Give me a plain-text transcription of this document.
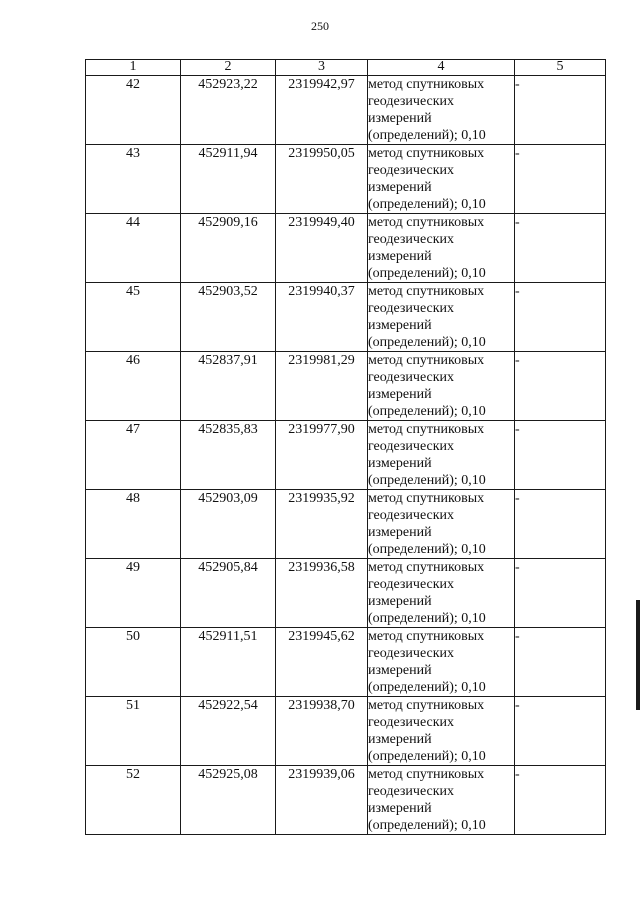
250
1	2	3	4	5
42	452923,22	2319942,97	метод спутниковых
геодезических
измерений
(определений); 0,10	-
43	452911,94	2319950,05	метод спутниковых
геодезических
измерений
(определений); 0,10	-
44	452909,16	2319949,40	метод спутниковых
геодезических
измерений
(определений); 0,10	-
45	452903,52	2319940,37	метод спутниковых
геодезических
измерений
(определений); 0,10	-
46	452837,91	2319981,29	метод спутниковых
геодезических
измерений
(определений); 0,10	-
47	452835,83	2319977,90	метод спутниковых
геодезических
измерений
(определений); 0,10	-
48	452903,09	2319935,92	метод спутниковых
геодезических
измерений
(определений); 0,10	-
49	452905,84	2319936,58	метод спутниковых
геодезических
измерений
(определений); 0,10	-
50	452911,51	2319945,62	метод спутниковых
геодезических
измерений
(определений); 0,10	-
51	452922,54	2319938,70	метод спутниковых
геодезических
измерений
(определений); 0,10	-
52	452925,08	2319939,06	метод спутниковых
геодезических
измерений
(определений); 0,10	-
